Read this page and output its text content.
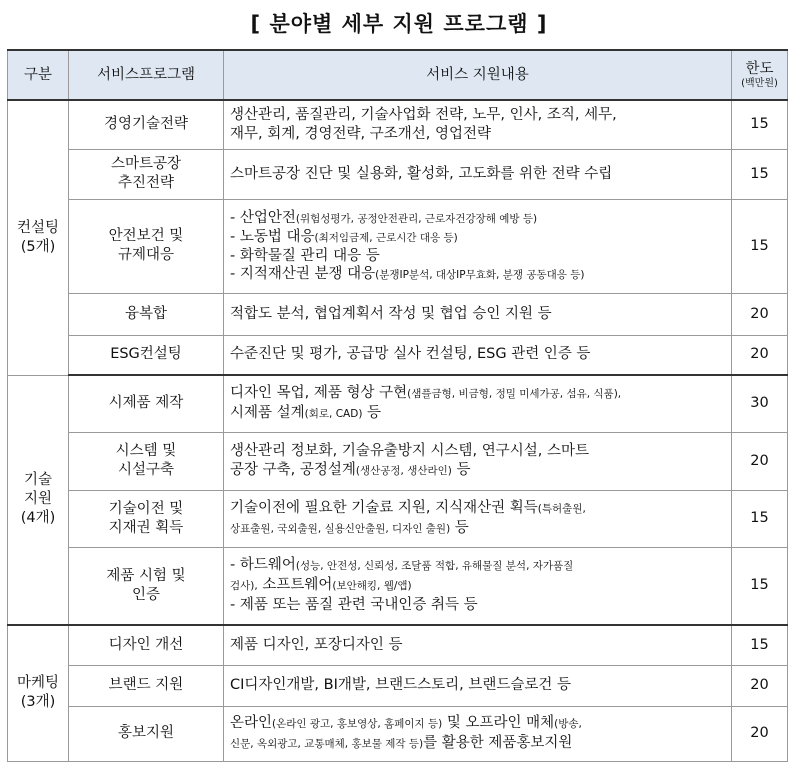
[ 분야별 세부 지원 프로그램 ]
구분	서비스프로그램	서비스 지원내용	한도
(백만원)

컨설팅
(5개)	경영기술전략	생산관리, 품질관리, 기술사업화 전략, 노무, 인사, 조직, 세무,
재무, 회계, 경영전략, 구조개선, 영업전략	15

	스마트공장
추진전략	스마트공장 진단 및 실용화, 활성화, 고도화를 위한 전략 수립	15

	안전보건 및
규제대응	- 산업안전(위험성평가, 공정안전관리, 근로자건강장해 예방 등)
- 노동법 대응(최저임금제, 근로시간 대응 등)
- 화학물질 관리 대응 등
- 지적재산권 분쟁 대응(분쟁IP분석, 대상IP무효화, 분쟁 공동대응 등)	15
	융복합	적합도 분석, 협업계획서 작성 및 협업 승인 지원 등	20
	ESG컨설팅	수준진단 및 평가, 공급망 실사 컨설팅, ESG 관련 인증 등	20

기술
지원
(4개)	시제품 제작	디자인 목업, 제품 형상 구현(샘플금형, 비금형, 정밀 미세가공, 섬유, 식품),
시제품 설계(회로, CAD) 등	30

	시스템 및
시설구축	생산관리 정보화, 기술유출방지 시스템, 연구시설, 스마트
공장 구축, 공정설계(생산공정, 생산라인) 등	20

	기술이전 및
지재권 획득	기술이전에 필요한 기술료 지원, 지식재산권 획득(특허출원,
상표출원, 국외출원, 실용신안출원, 디자인 출원) 등	15

	제품 시험 및
인증	- 하드웨어(성능, 안전성, 신뢰성, 조달품 적합, 유해물질 분석, 자가품질
검사), 소프트웨어(보안해킹, 웹/앱)
- 제품 또는 품질 관련 국내인증 취득 등	15

마케팅
(3개)	디자인 개선	제품 디자인, 포장디자인 등	15
	브랜드 지원	CI디자인개발, BI개발, 브랜드스토리, 브랜드슬로건 등	20
	홍보지원	온라인(온라인 광고, 홍보영상, 홈페이지 등) 및 오프라인 매체(방송,
신문, 옥외광고, 교통매체, 홍보물 제작 등)를 활용한 제품홍보지원	20
